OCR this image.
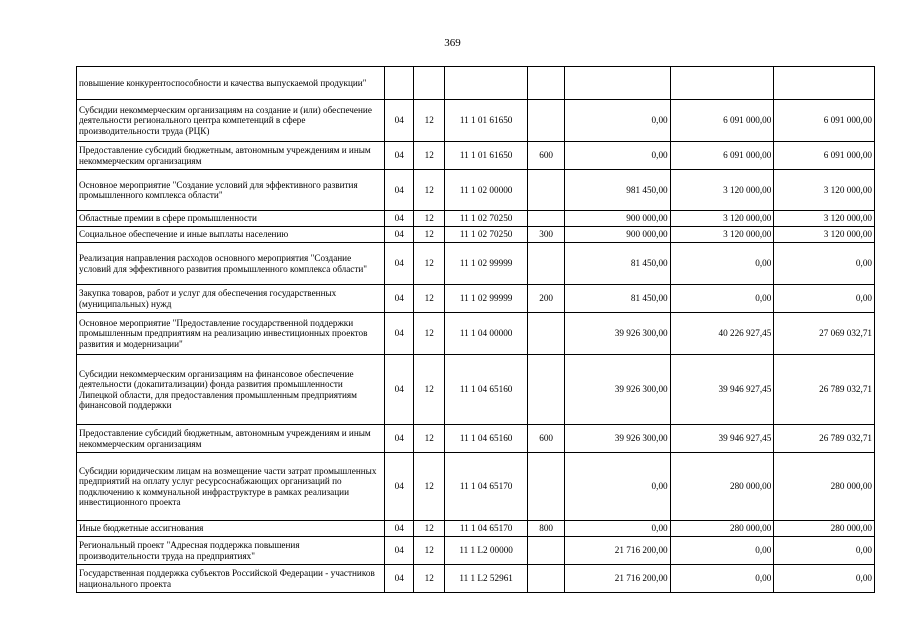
369
повышение конкурентоспособности и качества выпускаемой продукции"							
Субсидии некоммерческим организациям на создание и (или) обеспечение деятельности регионального центра компетенций в сфере производительности труда (РЦК)	04	12	11 1 01 61650		0,00	6 091 000,00	6 091 000,00
Предоставление субсидий бюджетным, автономным учреждениям и иным некоммерческим организациям	04	12	11 1 01 61650	600	0,00	6 091 000,00	6 091 000,00
Основное мероприятие "Создание условий для эффективного развития промышленного комплекса области"	04	12	11 1 02 00000		981 450,00	3 120 000,00	3 120 000,00
Областные премии в сфере промышленности	04	12	11 1 02 70250		900 000,00	3 120 000,00	3 120 000,00
Социальное обеспечение и иные выплаты населению	04	12	11 1 02 70250	300	900 000,00	3 120 000,00	3 120 000,00
Реализация направления расходов основного мероприятия "Создание условий для эффективного развития промышленного комплекса области"	04	12	11 1 02 99999		81 450,00	0,00	0,00
Закупка товаров, работ и услуг для обеспечения государственных (муниципальных) нужд	04	12	11 1 02 99999	200	81 450,00	0,00	0,00
Основное мероприятие "Предоставление государственной поддержки промышленным предприятиям на реализацию инвестиционных проектов развития и модернизации"	04	12	11 1 04 00000		39 926 300,00	40 226 927,45	27 069 032,71
Субсидии некоммерческим организациям на финансовое обеспечение деятельности (докапитализации) фонда развития промышленности Липецкой области, для предоставления промышленным предприятиям финансовой поддержки	04	12	11 1 04 65160		39 926 300,00	39 946 927,45	26 789 032,71
Предоставление субсидий бюджетным, автономным учреждениям и иным некоммерческим организациям	04	12	11 1 04 65160	600	39 926 300,00	39 946 927,45	26 789 032,71
Субсидии юридическим лицам на возмещение части затрат промышленных предприятий на оплату услуг ресурсоснабжающих организаций по подключению к коммунальной инфраструктуре в рамках реализации инвестиционного проекта	04	12	11 1 04 65170		0,00	280 000,00	280 000,00
Иные бюджетные ассигнования	04	12	11 1 04 65170	800	0,00	280 000,00	280 000,00
Региональный проект "Адресная поддержка повышения производительности труда на предприятиях"	04	12	11 1 L2 00000		21 716 200,00	0,00	0,00
Государственная поддержка субъектов Российской Федерации - участников национального проекта	04	12	11 1 L2 52961		21 716 200,00	0,00	0,00
